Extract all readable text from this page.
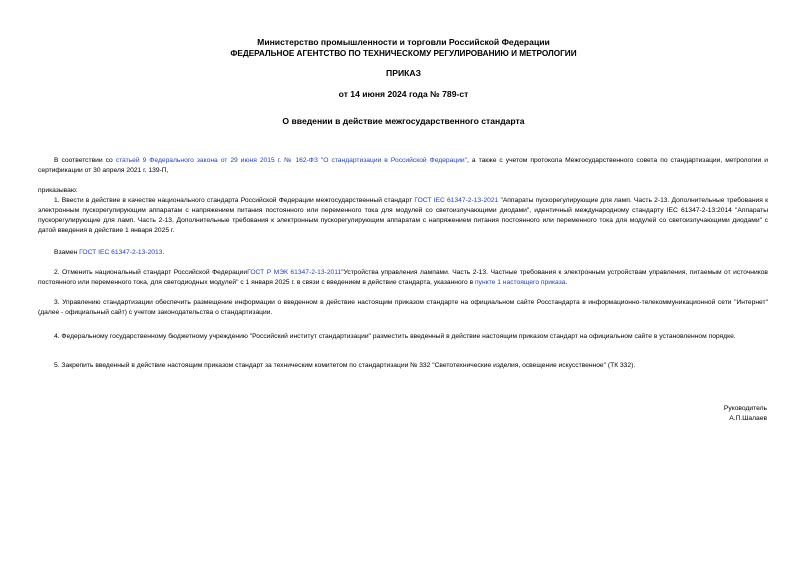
Министерство промышленности и торговли Российской Федерации
ФЕДЕРАЛЬНОЕ АГЕНТСТВО ПО ТЕХНИЧЕСКОМУ РЕГУЛИРОВАНИЮ И МЕТРОЛОГИИ
ПРИКАЗ
от 14 июня 2024 года № 789-ст
О введении в действие межгосударственного стандарта
В соответствии со статьей 9 Федерального закона от 29 июня 2015 г. № 162-ФЗ "О стандартизации в Российской Федерации", а также с учетом протокола Межгосударственного совета по стандартизации, метрологии и сертификации от 30 апреля 2021 г. 139-П,
приказываю:
1. Ввести в действие в качестве национального стандарта Российской Федерации межгосударственный стандарт ГОСТ IEC 61347-2-13-2021 "Аппараты пускорегулирующие для ламп. Часть 2-13. Дополнительные требования к электронным пускорегулирующим аппаратам с напряжением питания постоянного или переменного тока для модулей со светоизлучающими диодами", идентичный международному стандарту IEC 61347-2-13:2014 "Аппараты пускорегулирующие для ламп. Часть 2-13. Дополнительные требования к электронным пускорегулирующим аппаратам с напряжением питания постоянного или переменного тока для модулей со светоизлучающими диодами" с датой введения в действие 1 января 2025 г.
Взамен ГОСТ IEC 61347-2-13-2013.
2. Отменить национальный стандарт Российской ФедерацииГОСТ Р МЭК 61347-2-13-2011"Устройства управления лампами. Часть 2-13. Частные требования к электронным устройствам управления, питаемым от источников постоянного или переменного тока, для светодиодных модулей" с 1 января 2025 г. в связи с введением в действие стандарта, указанного в пункте 1 настоящего приказа.
3. Управлению стандартизации обеспечить размещение информации о введенном в действие настоящим приказом стандарте на официальном сайте Росстандарта в информационно-телекоммуникационной сети "Интернет" (далее - официальный сайт) с учетом законодательства о стандартизации.
4. Федеральному государственному бюджетному учреждению "Российский институт стандартизации" разместить введенный в действие настоящим приказом стандарт на официальном сайте в установленном порядке.
5. Закрепить введенный в действие настоящим приказом стандарт за техническим комитетом по стандартизации № 332 "Светотехнические изделия, освещение искусственное" (ТК 332).
Руководитель
А.П.Шалаев
